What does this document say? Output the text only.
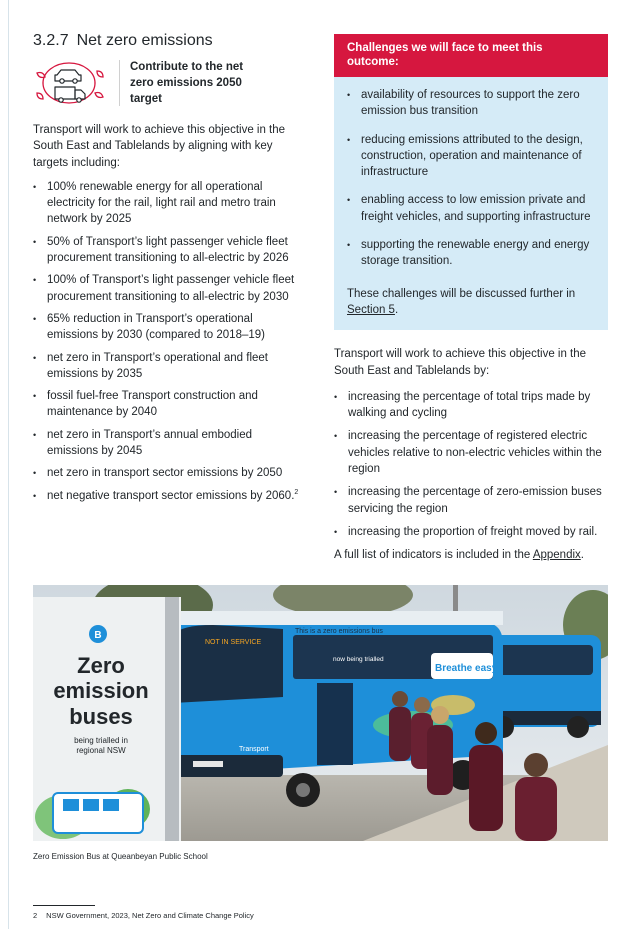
3.2.7 Net zero emissions
Contribute to the net zero emissions 2050 target

Transport will work to achieve this objective in the South East and Tablelands by aligning with key targets including:

• 100% renewable energy for all operational electricity for the rail, light rail and metro train network by 2025
• 50% of Transport’s light passenger vehicle fleet procurement transitioning to all-electric by 2026
• 100% of Transport’s light passenger vehicle fleet procurement transitioning to all-electric by 2030
• 65% reduction in Transport’s operational emissions by 2030 (compared to 2018–19)
• net zero in Transport’s operational and fleet emissions by 2035
• fossil fuel-free Transport construction and maintenance by 2040
• net zero in Transport’s annual embodied emissions by 2045
• net zero in transport sector emissions by 2050
• net negative transport sector emissions by 2060.$^2$
Challenges we will face to meet this outcome:
• availability of resources to support the zero emission bus transition
• reducing emissions attributed to the design, construction, operation and maintenance of infrastructure
• enabling access to low emission private and freight vehicles, and supporting infrastructure
• supporting the renewable energy and energy storage transition.
These challenges will be discussed further in Section 5.

Transport will work to achieve this objective in the South East and Tablelands by:

• increasing the percentage of total trips made by walking and cycling
• increasing the percentage of registered electric vehicles relative to non-electric vehicles within the region
• increasing the percentage of zero-emission buses servicing the region
• increasing the proportion of freight moved by rail.
A full list of indicators is included in the Appendix.
NOT IN SERVICE
This is a zero emissions bus
now being trialled
Breathe easy
Transport
B
Zero
emission
buses
being trialled in
regional NSW
Zero Emission Bus at Queanbeyan Public School
2 NSW Government, 2023, Net Zero and Climate Change Policy
